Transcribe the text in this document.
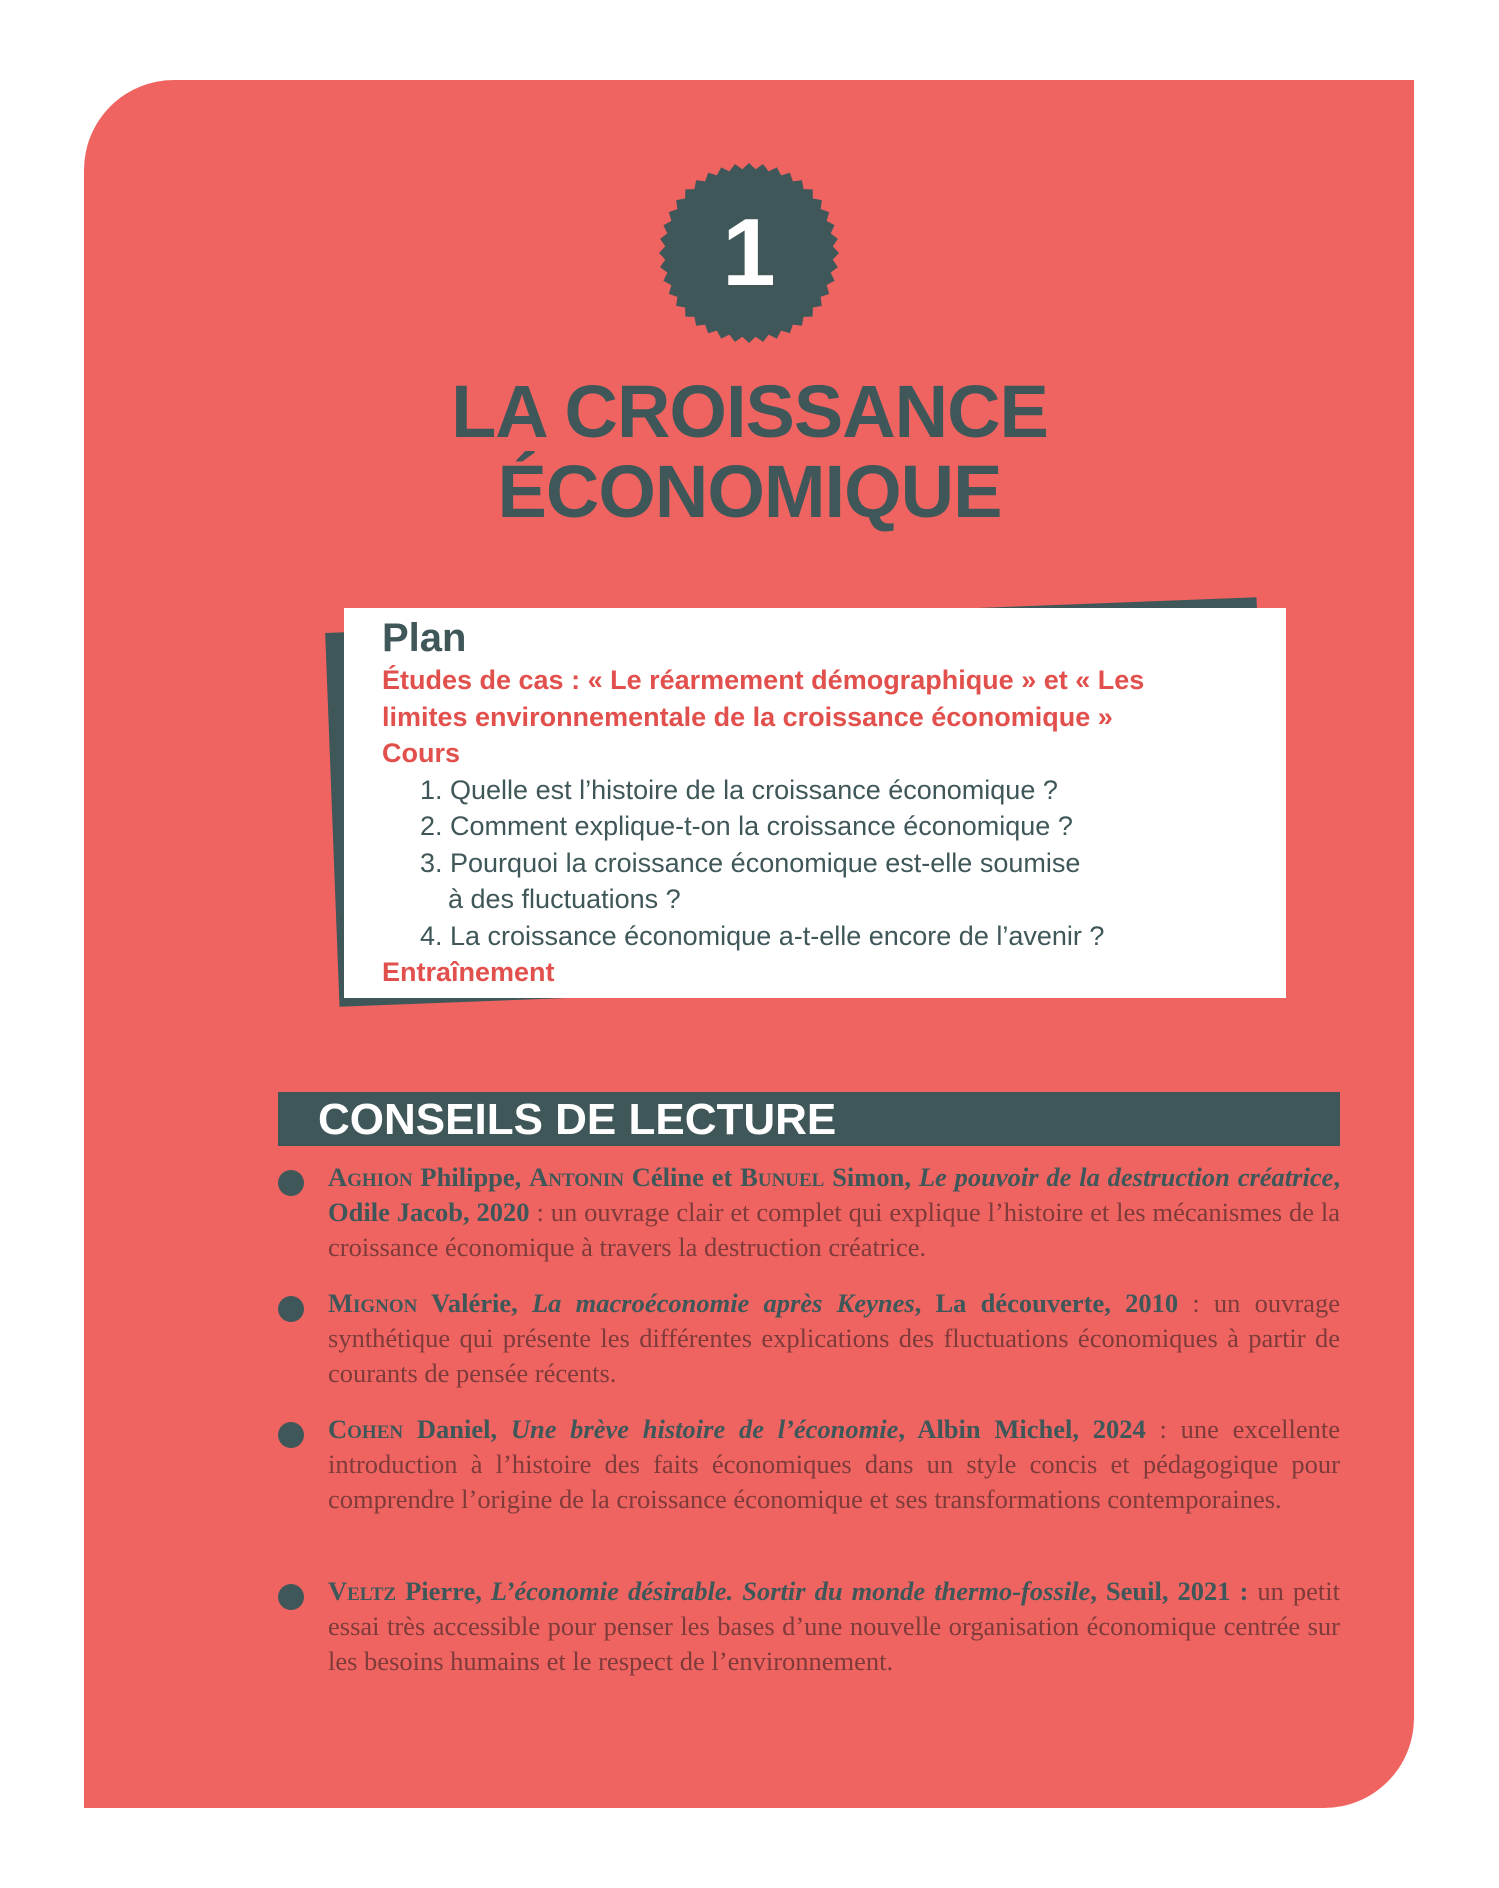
1
LA CROISSANCE
ÉCONOMIQUE
Plan
Études de cas : « Le réarmement démographique » et « Les
limites environnementale de la croissance économique »
Cours
1. Quelle est l’histoire de la croissance économique ?
2. Comment explique-t-on la croissance économique ?
3. Pourquoi la croissance économique est-elle soumise
à des fluctuations ?
4. La croissance économique a-t-elle encore de l’avenir ?
Entraînement
CONSEILS DE LECTURE

Aghion Philippe, Antonin Céline et Bunuel Simon, Le pouvoir de la destruction créatrice, Odile Jacob, 2020 : un ouvrage clair et complet qui explique l’histoire et les mécanismes de la croissance économique à travers la destruction créatrice.

Mignon Valérie, La macroéconomie après Keynes, La découverte, 2010 : un ouvrage synthétique qui présente les différentes explications des fluctuations économiques à partir de courants de pensée récents.

Cohen Daniel, Une brève histoire de l’économie, Albin Michel, 2024 : une excellente introduction à l’histoire des faits économiques dans un style concis et pédagogique pour comprendre l’origine de la croissance économique et ses transformations contemporaines.

Veltz Pierre, L’économie désirable. Sortir du monde thermo-fossile, Seuil, 2021 : un petit essai très accessible pour penser les bases d’une nouvelle organisation économique centrée sur les besoins humains et le respect de l’environnement.
